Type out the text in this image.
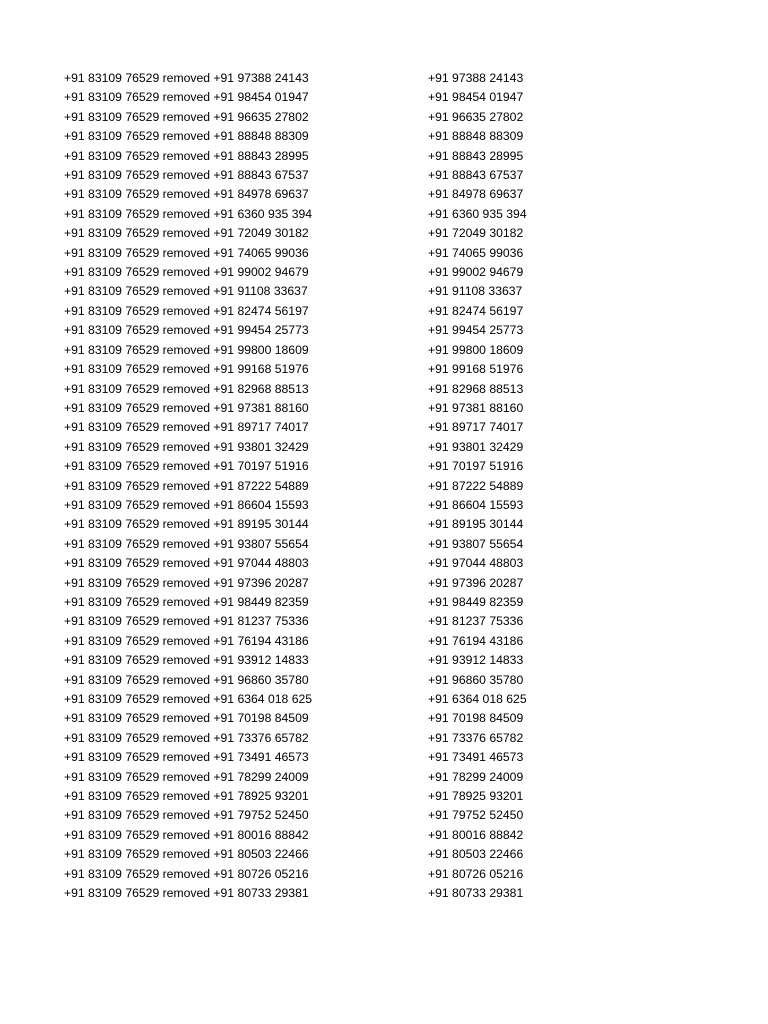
+91 83109 76529 removed +91 97388 24143	+91 97388 24143
+91 83109 76529 removed +91 98454 01947	+91 98454 01947
+91 83109 76529 removed +91 96635 27802	+91 96635 27802
+91 83109 76529 removed +91 88848 88309	+91 88848 88309
+91 83109 76529 removed +91 88843 28995	+91 88843 28995
+91 83109 76529 removed +91 88843 67537	+91 88843 67537
+91 83109 76529 removed +91 84978 69637	+91 84978 69637
+91 83109 76529 removed +91 6360 935 394	+91 6360 935 394
+91 83109 76529 removed +91 72049 30182	+91 72049 30182
+91 83109 76529 removed +91 74065 99036	+91 74065 99036
+91 83109 76529 removed +91 99002 94679	+91 99002 94679
+91 83109 76529 removed +91 91108 33637	+91 91108 33637
+91 83109 76529 removed +91 82474 56197	+91 82474 56197
+91 83109 76529 removed +91 99454 25773	+91 99454 25773
+91 83109 76529 removed +91 99800 18609	+91 99800 18609
+91 83109 76529 removed +91 99168 51976	+91 99168 51976
+91 83109 76529 removed +91 82968 88513	+91 82968 88513
+91 83109 76529 removed +91 97381 88160	+91 97381 88160
+91 83109 76529 removed +91 89717 74017	+91 89717 74017
+91 83109 76529 removed +91 93801 32429	+91 93801 32429
+91 83109 76529 removed +91 70197 51916	+91 70197 51916
+91 83109 76529 removed +91 87222 54889	+91 87222 54889
+91 83109 76529 removed +91 86604 15593	+91 86604 15593
+91 83109 76529 removed +91 89195 30144	+91 89195 30144
+91 83109 76529 removed +91 93807 55654	+91 93807 55654
+91 83109 76529 removed +91 97044 48803	+91 97044 48803
+91 83109 76529 removed +91 97396 20287	+91 97396 20287
+91 83109 76529 removed +91 98449 82359	+91 98449 82359
+91 83109 76529 removed +91 81237 75336	+91 81237 75336
+91 83109 76529 removed +91 76194 43186	+91 76194 43186
+91 83109 76529 removed +91 93912 14833	+91 93912 14833
+91 83109 76529 removed +91 96860 35780	+91 96860 35780
+91 83109 76529 removed +91 6364 018 625	+91 6364 018 625
+91 83109 76529 removed +91 70198 84509	+91 70198 84509
+91 83109 76529 removed +91 73376 65782	+91 73376 65782
+91 83109 76529 removed +91 73491 46573	+91 73491 46573
+91 83109 76529 removed +91 78299 24009	+91 78299 24009
+91 83109 76529 removed +91 78925 93201	+91 78925 93201
+91 83109 76529 removed +91 79752 52450	+91 79752 52450
+91 83109 76529 removed +91 80016 88842	+91 80016 88842
+91 83109 76529 removed +91 80503 22466	+91 80503 22466
+91 83109 76529 removed +91 80726 05216	+91 80726 05216
+91 83109 76529 removed +91 80733 29381	+91 80733 29381
